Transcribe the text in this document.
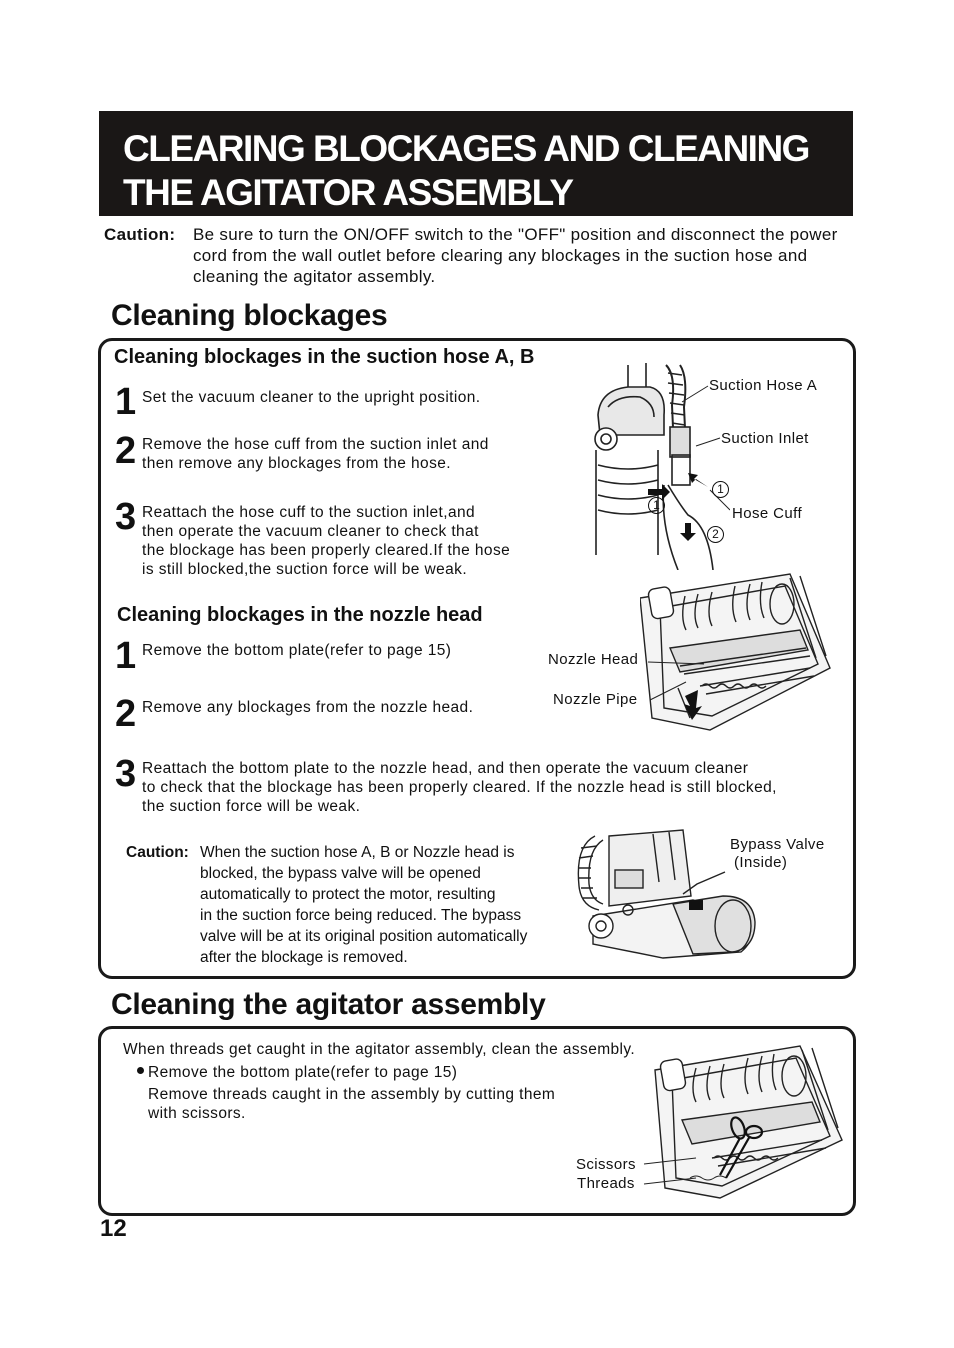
CLEARING BLOCKAGES AND CLEANING
THE AGITATOR ASSEMBLY
Caution: Be sure to turn the ON/OFF switch to the "OFF" position and disconnect the power cord from the wall outlet before clearing any blockages in the suction hose and cleaning the agitator assembly.
Cleaning blockages
Cleaning blockages in the suction hose A, B
1 Set the vacuum cleaner to the upright position.
2 Remove the hose cuff from the suction inlet and

then remove any blockages from the hose.

3 Reattach the hose cuff to the suction inlet,and

then operate the vacuum cleaner to check that

the blockage has been properly cleared.If the hose

is still blocked,the suction force will be weak.

Suction Hose A
Suction Inlet
Hose Cuff
1
1
2
Cleaning blockages in the nozzle head
1 Remove the bottom plate(refer to page 15)
2 Remove any blockages from the nozzle head.
3 Reattach the bottom plate to the nozzle head, and then operate the vacuum cleaner

to check that the blockage has been properly cleared. If the nozzle head is still blocked,

the suction force will be weak.

Nozzle Head
Nozzle Pipe
Caution: When the suction hose A, B or Nozzle head is
blocked, the bypass valve will be opened
automatically to protect the motor, resulting
in the suction force being reduced. The bypass
valve will be at its original position automatically
after the blockage is removed.
Bypass Valve
(Inside)
Cleaning the agitator assembly
When threads get caught in the agitator assembly, clean the assembly.
Remove the bottom plate(refer to page 15)

Remove threads caught in the assembly by cutting them

with scissors.

Scissors
Threads
12
